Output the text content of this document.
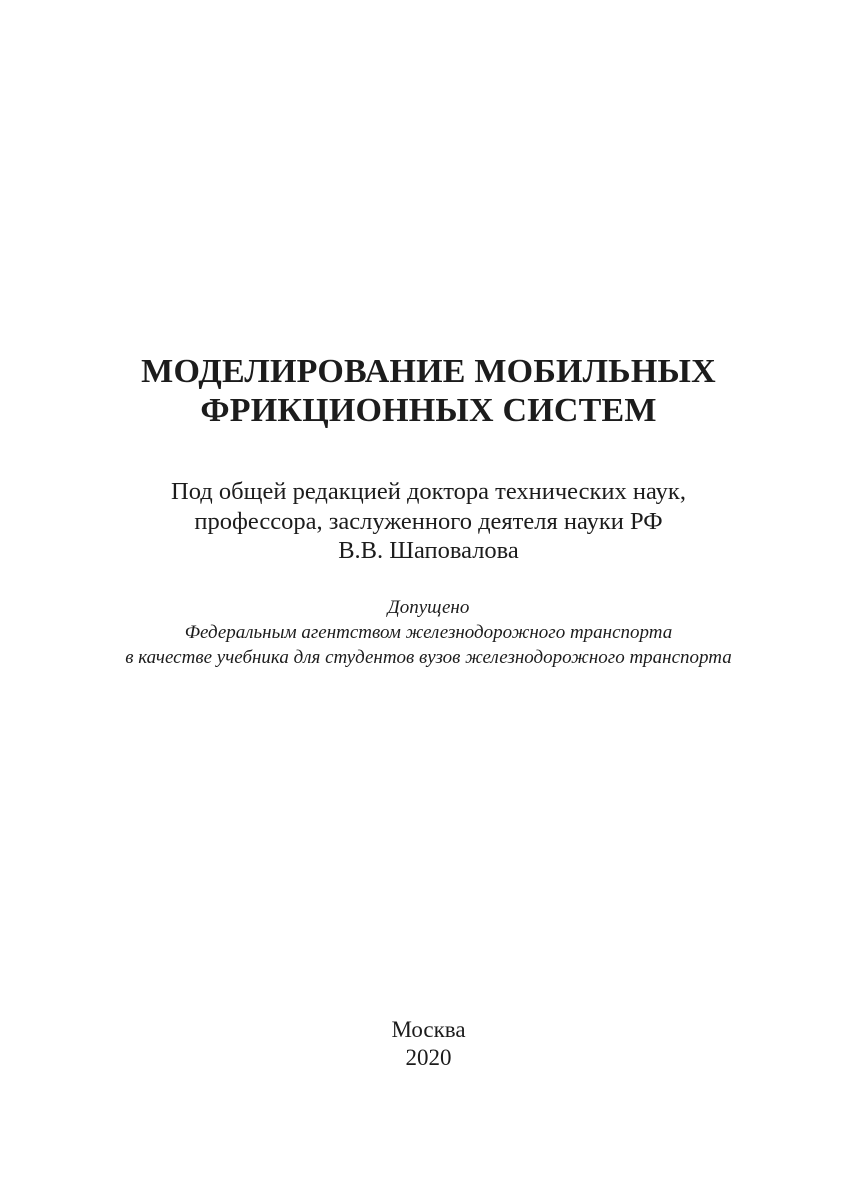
МОДЕЛИРОВАНИЕ МОБИЛЬНЫХ
ФРИКЦИОННЫХ СИСТЕМ
Под общей редакцией доктора технических наук,
профессора, заслуженного деятеля науки РФ
В.В. Шаповалова
Допущено
Федеральным агентством железнодорожного транспорта
в качестве учебника для студентов вузов железнодорожного транспорта
Москва
2020
